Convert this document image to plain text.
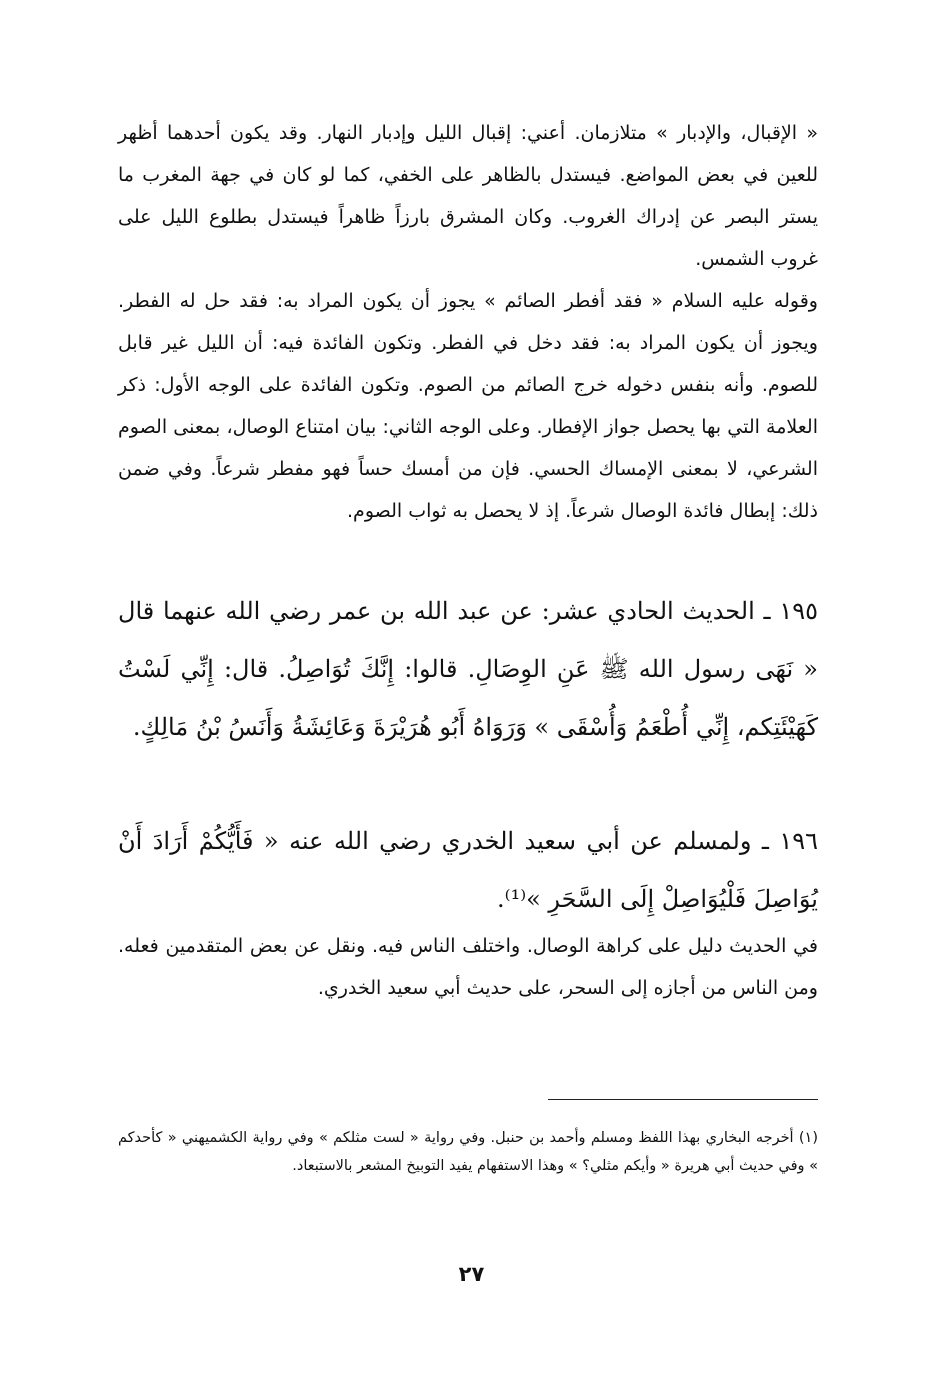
« الإقبال، والإدبار » متلازمان. أعني: إقبال الليل وإدبار النهار. وقد يكون أحدهما أظهر للعين في بعض المواضع. فيستدل بالظاهر على الخفي، كما لو كان في جهة المغرب ما يستر البصر عن إدراك الغروب. وكان المشرق بارزاً ظاهراً فيستدل بطلوع الليل على غروب الشمس.

وقوله عليه السلام « فقد أفطر الصائم » يجوز أن يكون المراد به: فقد حل له الفطر. ويجوز أن يكون المراد به: فقد دخل في الفطر. وتكون الفائدة فيه: أن الليل غير قابل للصوم. وأنه بنفس دخوله خرج الصائم من الصوم. وتكون الفائدة على الوجه الأول: ذكر العلامة التي بها يحصل جواز الإفطار. وعلى الوجه الثاني: بيان امتناع الوصال، بمعنى الصوم الشرعي، لا بمعنى الإمساك الحسي. فإن من أمسك حساً فهو مفطر شرعاً. وفي ضمن ذلك: إبطال فائدة الوصال شرعاً. إذ لا يحصل به ثواب الصوم.

١٩٥ ـ الحديث الحادي عشر: عن عبد الله بن عمر رضي الله عنهما قال « نَهَى رسول الله ﷺ عَنِ الوِصَالِ. قالوا: إِنَّكَ تُوَاصِلُ. قال: إِنِّي لَسْتُ كَهَيْئَتِكم، إِنِّي أُطْعَمُ وَأُسْقَى » وَرَوَاهُ أَبُو هُرَيْرَةَ وَعَائِشَةُ وَأَنَسُ بْنُ مَالِكٍ.

١٩٦ ـ ولمسلم عن أبي سعيد الخدري رضي الله عنه « فَأَيُّكُمْ أَرَادَ أَنْ يُوَاصِلَ فَلْيُوَاصِلْ إِلَى السَّحَرِ »⁽¹⁾.

في الحديث دليل على كراهة الوصال. واختلف الناس فيه. ونقل عن بعض المتقدمين فعله. ومن الناس من أجازه إلى السحر، على حديث أبي سعيد الخدري.

(١) أخرجه البخاري بهذا اللفظ ومسلم وأحمد بن حنبل. وفي رواية « لست مثلكم » وفي رواية الكشميهني « كأحدكم » وفي حديث أبي هريرة « وأيكم مثلي؟ » وهذا الاستفهام يفيد التوبيخ المشعر بالاستبعاد.

٢٧
